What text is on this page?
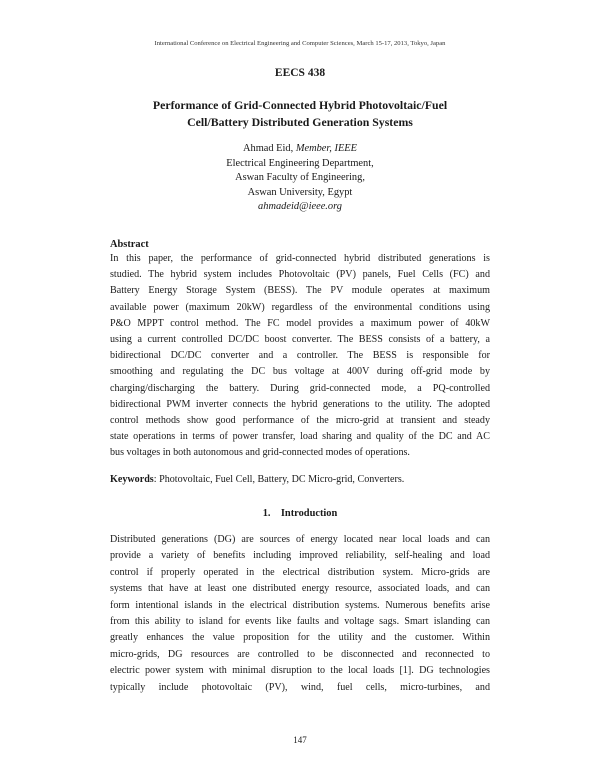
International Conference on Electrical Engineering and Computer Sciences, March 15-17, 2013, Tokyo, Japan
EECS 438
Performance of Grid-Connected Hybrid Photovoltaic/Fuel
Cell/Battery Distributed Generation Systems
Ahmad Eid, Member, IEEE
Electrical Engineering Department,
Aswan Faculty of Engineering,
Aswan University, Egypt
ahmadeid@ieee.org
Abstract
In this paper, the performance of grid-connected hybrid distributed generations is
studied. The hybrid system includes Photovoltaic (PV) panels, Fuel Cells (FC) and
Battery Energy Storage System (BESS). The PV module operates at maximum
available power (maximum 20kW) regardless of the environmental conditions using
P&O MPPT control method. The FC model provides a maximum power of 40kW
using a current controlled DC/DC boost converter. The BESS consists of a battery, a
bidirectional DC/DC converter and a controller. The BESS is responsible for
smoothing and regulating the DC bus voltage at 400V during off-grid mode by
charging/discharging the battery. During grid-connected mode, a PQ-controlled
bidirectional PWM inverter connects the hybrid generations to the utility. The adopted
control methods show good performance of the micro-grid at transient and steady
state operations in terms of power transfer, load sharing and quality of the DC and AC
bus voltages in both autonomous and grid-connected modes of operations.
Keywords: Photovoltaic, Fuel Cell, Battery, DC Micro-grid, Converters.
1.    Introduction
Distributed generations (DG) are sources of energy located near local loads and can
provide a variety of benefits including improved reliability, self-healing and load
control if properly operated in the electrical distribution system. Micro-grids are
systems that have at least one distributed energy resource, associated loads, and can
form intentional islands in the electrical distribution systems. Numerous benefits arise
from this ability to island for events like faults and voltage sags. Smart islanding can
greatly enhances the value proposition for the utility and the customer. Within
micro-grids, DG resources are controlled to be disconnected and reconnected to
electric power system with minimal disruption to the local loads [1]. DG technologies
typically include photovoltaic (PV), wind, fuel cells, micro-turbines, and
147
